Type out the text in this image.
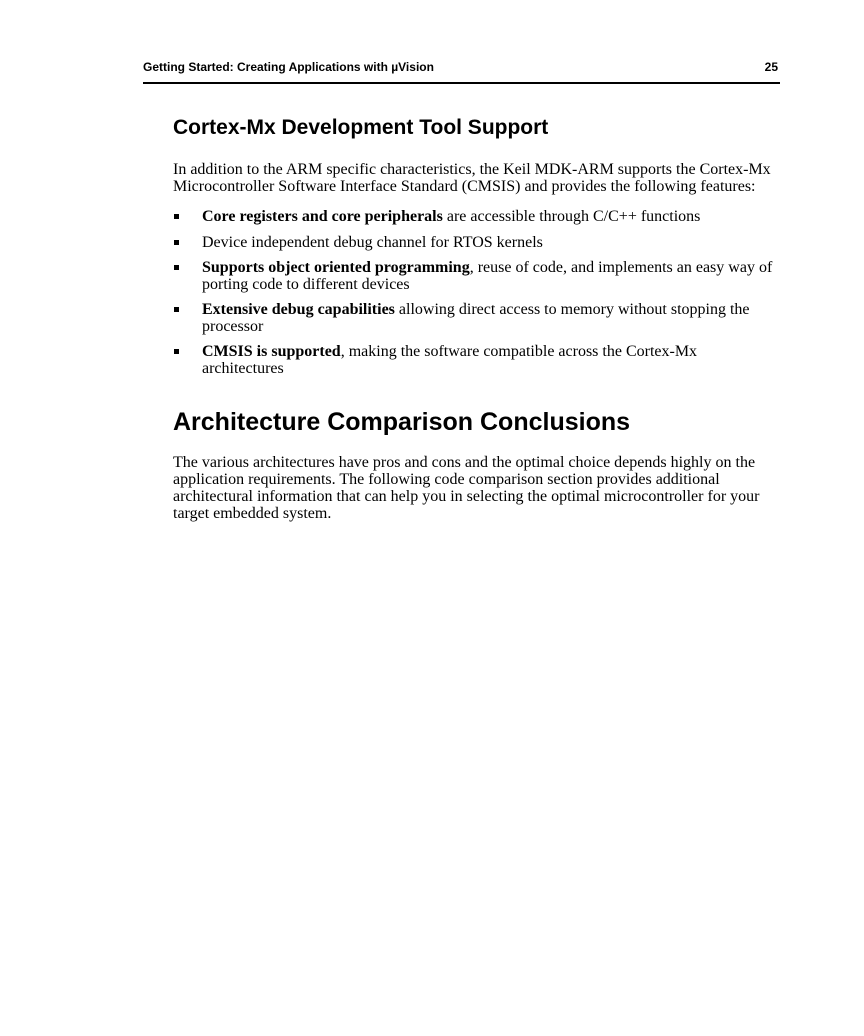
Getting Started: Creating Applications with µVision	25
Cortex-Mx Development Tool Support

In addition to the ARM specific characteristics, the Keil MDK-ARM supports the Cortex-Mx Microcontroller Software Interface Standard (CMSIS) and provides the following features:

Core registers and core peripherals are accessible through C/C++ functions
Device independent debug channel for RTOS kernels
Supports object oriented programming, reuse of code, and implements an easy way of porting code to different devices
Extensive debug capabilities allowing direct access to memory without stopping the processor
CMSIS is supported, making the software compatible across the Cortex-Mx architectures
Architecture Comparison Conclusions

The various architectures have pros and cons and the optimal choice depends highly on the application requirements. The following code comparison section provides additional architectural information that can help you in selecting the optimal microcontroller for your target embedded system.
